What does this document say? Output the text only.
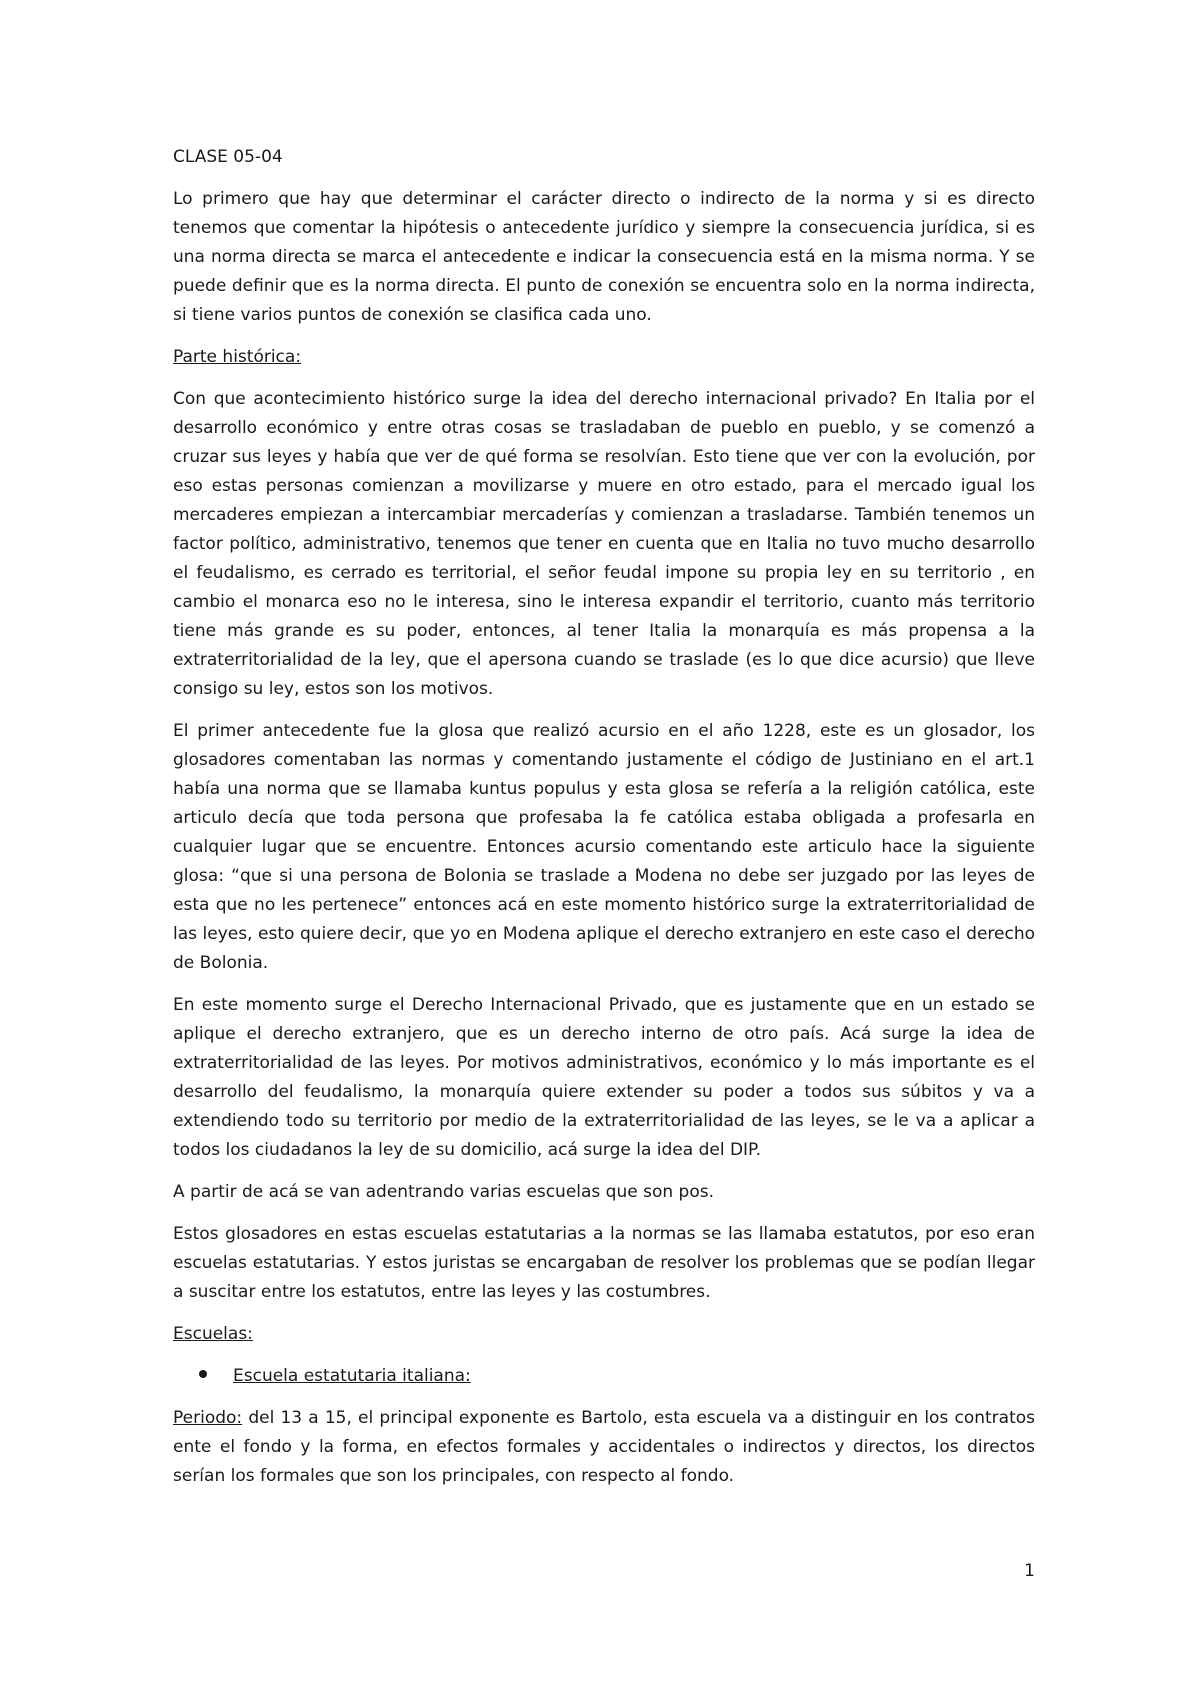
CLASE 05-04

Lo primero que hay que determinar el carácter directo o indirecto de la norma y si es directo tenemos que comentar la hipótesis o antecedente jurídico y siempre la consecuencia jurídica, si es una norma directa se marca el antecedente e indicar la consecuencia está en la misma norma. Y se puede definir que es la norma directa. El punto de conexión se encuentra solo en la norma indirecta, si tiene varios puntos de conexión se clasifica cada uno.

Parte histórica:

Con que acontecimiento histórico surge la idea del derecho internacional privado? En Italia por el desarrollo económico y entre otras cosas se trasladaban de pueblo en pueblo, y se comenzó a cruzar sus leyes y había que ver de qué forma se resolvían. Esto tiene que ver con la evolución, por eso estas personas comienzan a movilizarse y muere en otro estado, para el mercado igual los mercaderes empiezan a intercambiar mercaderías y comienzan a trasladarse. También tenemos un factor político, administrativo, tenemos que tener en cuenta que en Italia no tuvo mucho desarrollo el feudalismo, es cerrado es territorial, el señor feudal impone su propia ley en su territorio , en cambio el monarca eso no le interesa, sino le interesa expandir el territorio, cuanto más territorio tiene más grande es su poder, entonces, al tener Italia la monarquía es más propensa a la extraterritorialidad de la ley, que el apersona cuando se traslade (es lo que dice acursio) que lleve consigo su ley, estos son los motivos.

El primer antecedente fue la glosa que realizó acursio en el año 1228, este es un glosador, los glosadores comentaban las normas y comentando justamente el código de Justiniano en el art.1 había una norma que se llamaba kuntus populus y esta glosa se refería a la religión católica, este articulo decía que toda persona que profesaba la fe católica estaba obligada a profesarla en cualquier lugar que se encuentre. Entonces acursio comentando este articulo hace la siguiente glosa: “que si una persona de Bolonia se traslade a Modena no debe ser juzgado por las leyes de esta que no les pertenece” entonces acá en este momento histórico surge la extraterritorialidad de las leyes, esto quiere decir, que yo en Modena aplique el derecho extranjero en este caso el derecho de Bolonia.

En este momento surge el Derecho Internacional Privado, que es justamente que en un estado se aplique el derecho extranjero, que es un derecho interno de otro país. Acá surge la idea de extraterritorialidad de las leyes. Por motivos administrativos, económico y lo más importante es el desarrollo del feudalismo, la monarquía quiere extender su poder a todos sus súbitos y va a extendiendo todo su territorio por medio de la extraterritorialidad de las leyes, se le va a aplicar a todos los ciudadanos la ley de su domicilio, acá surge la idea del DIP.

A partir de acá se van adentrando varias escuelas que son pos.

Estos glosadores en estas escuelas estatutarias a la normas se las llamaba estatutos, por eso eran escuelas estatutarias. Y estos juristas se encargaban de resolver los problemas que se podían llegar a suscitar entre los estatutos, entre las leyes y las costumbres.

Escuelas:

Escuela estatutaria italiana:

Periodo: del 13 a 15, el principal exponente es Bartolo, esta escuela va a distinguir en los contratos ente el fondo y la forma, en efectos formales y accidentales o indirectos y directos, los directos serían los formales que son los principales, con respecto al fondo.

1
